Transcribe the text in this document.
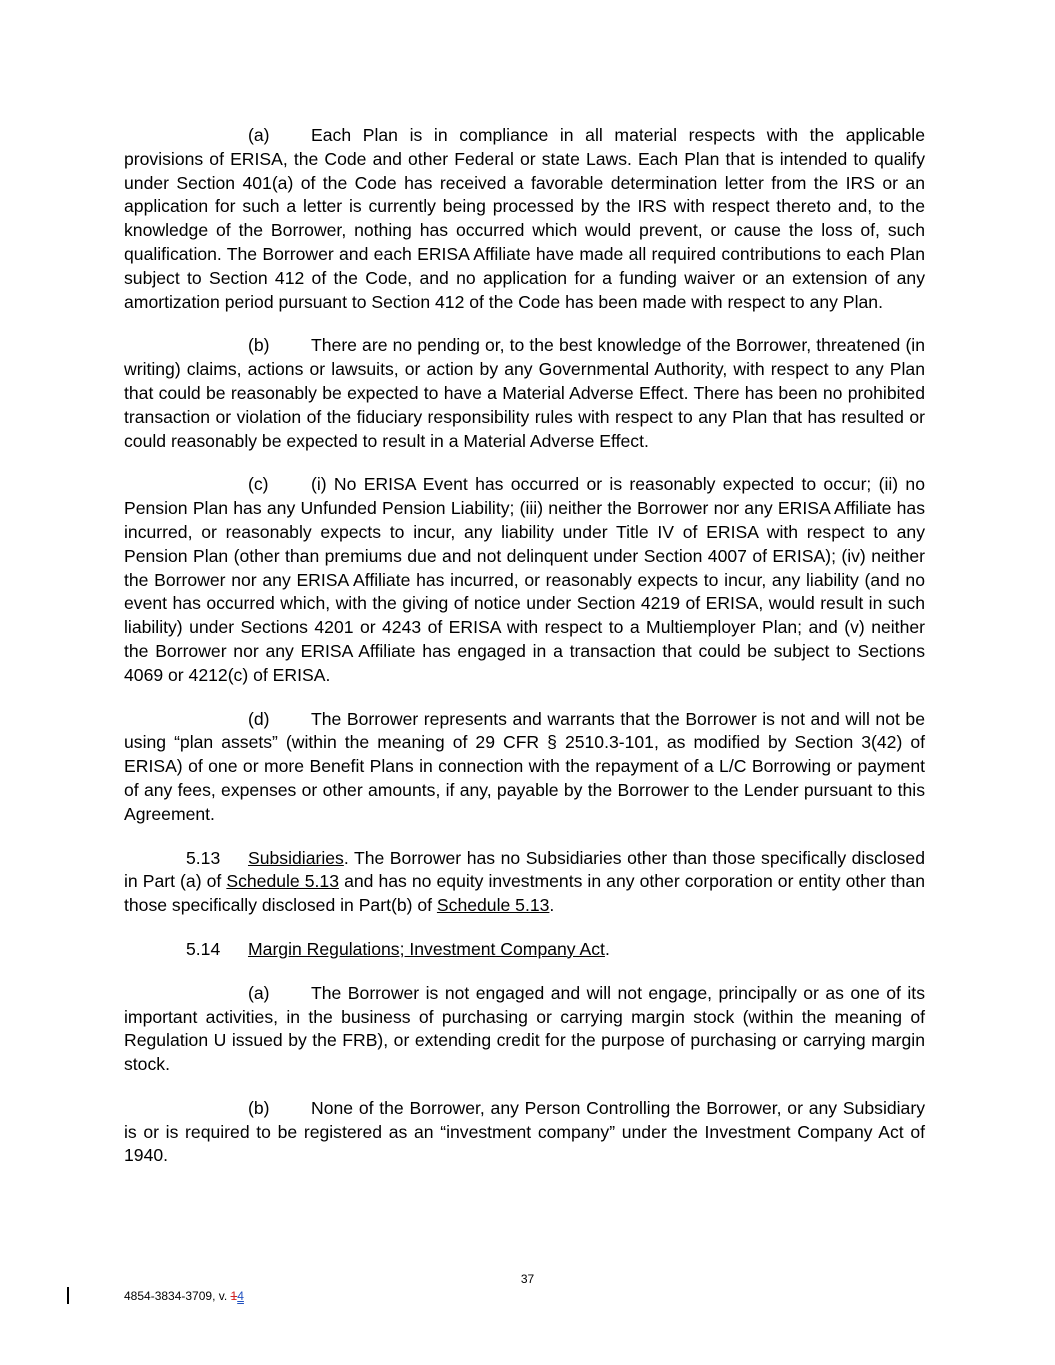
(a) Each Plan is in compliance in all material respects with the applicable provisions of ERISA, the Code and other Federal or state Laws. Each Plan that is intended to qualify under Section 401(a) of the Code has received a favorable determination letter from the IRS or an application for such a letter is currently being processed by the IRS with respect thereto and, to the knowledge of the Borrower, nothing has occurred which would prevent, or cause the loss of, such qualification. The Borrower and each ERISA Affiliate have made all required contributions to each Plan subject to Section 412 of the Code, and no application for a funding waiver or an extension of any amortization period pursuant to Section 412 of the Code has been made with respect to any Plan.

(b) There are no pending or, to the best knowledge of the Borrower, threatened (in writing) claims, actions or lawsuits, or action by any Governmental Authority, with respect to any Plan that could be reasonably be expected to have a Material Adverse Effect. There has been no prohibited transaction or violation of the fiduciary responsibility rules with respect to any Plan that has resulted or could reasonably be expected to result in a Material Adverse Effect.

(c) (i) No ERISA Event has occurred or is reasonably expected to occur; (ii) no Pension Plan has any Unfunded Pension Liability; (iii) neither the Borrower nor any ERISA Affiliate has incurred, or reasonably expects to incur, any liability under Title IV of ERISA with respect to any Pension Plan (other than premiums due and not delinquent under Section 4007 of ERISA); (iv) neither the Borrower nor any ERISA Affiliate has incurred, or reasonably expects to incur, any liability (and no event has occurred which, with the giving of notice under Section 4219 of ERISA, would result in such liability) under Sections 4201 or 4243 of ERISA with respect to a Multiemployer Plan; and (v) neither the Borrower nor any ERISA Affiliate has engaged in a transaction that could be subject to Sections 4069 or 4212(c) of ERISA.

(d) The Borrower represents and warrants that the Borrower is not and will not be using “plan assets” (within the meaning of 29 CFR § 2510.3-101, as modified by Section 3(42) of ERISA) of one or more Benefit Plans in connection with the repayment of a L/C Borrowing or payment of any fees, expenses or other amounts, if any, payable by the Borrower to the Lender pursuant to this Agreement.

5.13 Subsidiaries. The Borrower has no Subsidiaries other than those specifically disclosed in Part (a) of Schedule 5.13 and has no equity investments in any other corporation or entity other than those specifically disclosed in Part(b) of Schedule 5.13.

5.14 Margin Regulations; Investment Company Act.

(a) The Borrower is not engaged and will not engage, principally or as one of its important activities, in the business of purchasing or carrying margin stock (within the meaning of Regulation U issued by the FRB), or extending credit for the purpose of purchasing or carrying margin stock.

(b) None of the Borrower, any Person Controlling the Borrower, or any Subsidiary is or is required to be registered as an “investment company” under the Investment Company Act of 1940.

37
4854-3834-3709, v. 14
